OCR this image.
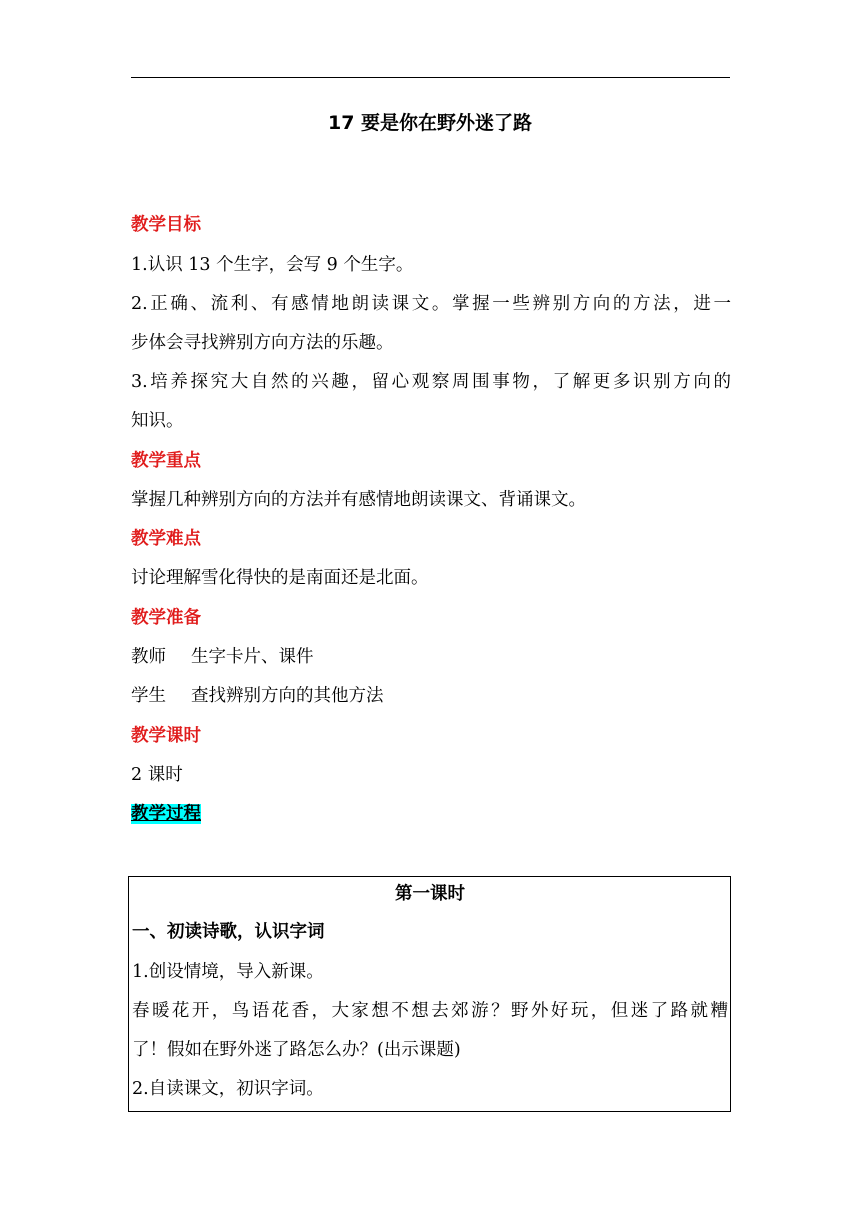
17 要是你在野外迷了路
教学目标
1.认识 13 个生字，会写 9 个生字。
2.正确、流利、有感情地朗读课文。掌握一些辨别方向的方法，进一
步体会寻找辨别方向方法的乐趣。
3.培养探究大自然的兴趣，留心观察周围事物，了解更多识别方向的
知识。
教学重点
掌握几种辨别方向的方法并有感情地朗读课文、背诵课文。
教学难点
讨论理解雪化得快的是南面还是北面。
教学准备
教师 生字卡片、课件
学生 查找辨别方向的其他方法
教学课时
2 课时
教学过程
第一课时
一、初读诗歌，认识字词
1.创设情境，导入新课。
春暖花开，鸟语花香，大家想不想去郊游？野外好玩，但迷了路就糟
了！假如在野外迷了路怎么办？(出示课题)
2.自读课文，初识字词。
